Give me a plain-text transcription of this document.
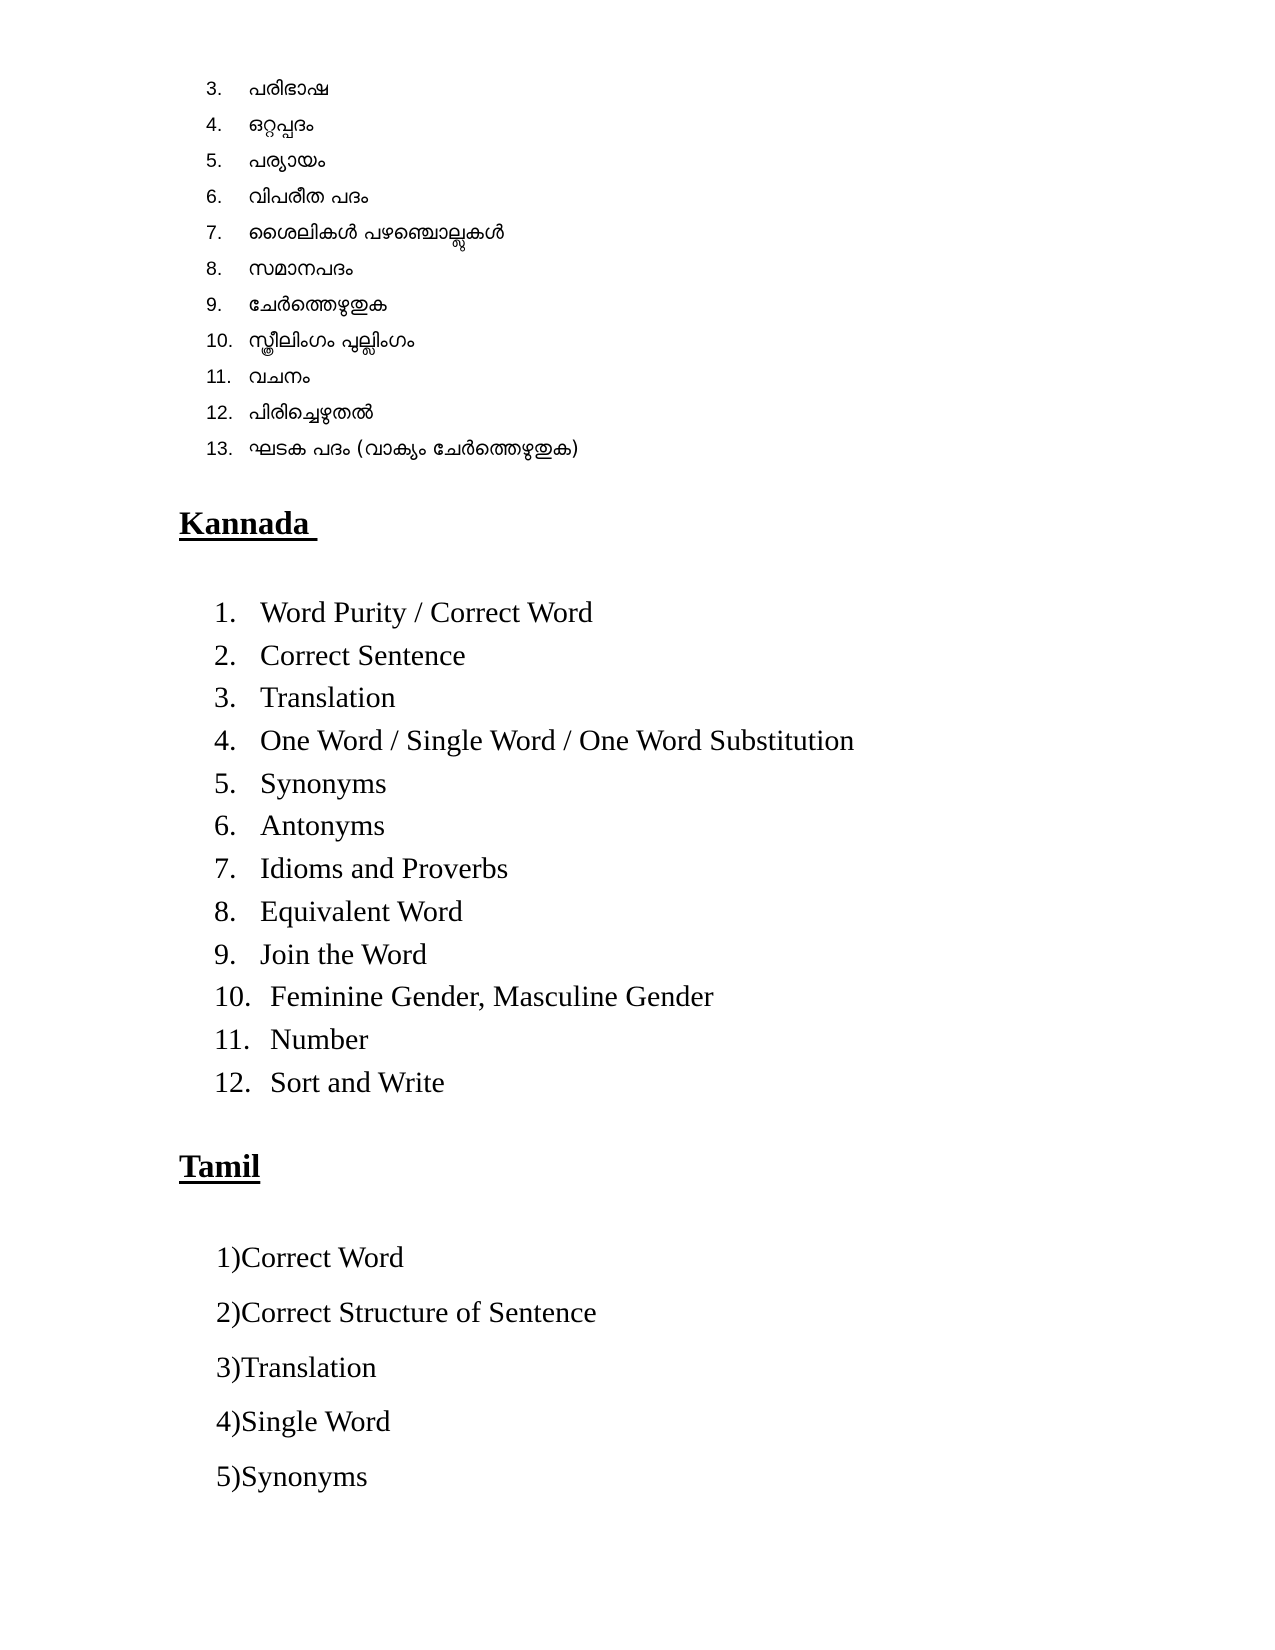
3.	പരിഭാഷ
4.	ഒറ്റപ്പദം
5.	പര്യായം
6.	വിപരീത പദം
7.	ശൈലികൾ പഴഞ്ചൊല്ലുകൾ
8.	സമാനപദം
9.	ചേർത്തെഴുതുക
10. സ്ത്രീലിംഗം പുല്ലിംഗം
11. വചനം
12. പിരിച്ചെഴുതൽ
13. ഘടക പദം (വാക്യം ചേർത്തെഴുതുക)
Kannada
1. Word Purity / Correct Word
2. Correct Sentence
3. Translation
4. One Word / Single Word / One Word Substitution
5. Synonyms
6. Antonyms
7. Idioms and Proverbs
8. Equivalent Word
9. Join the Word
10. Feminine Gender, Masculine Gender
11. Number
12. Sort and Write
Tamil
1) Correct Word
2) Correct Structure of Sentence
3) Translation
4) Single Word
5) Synonyms
